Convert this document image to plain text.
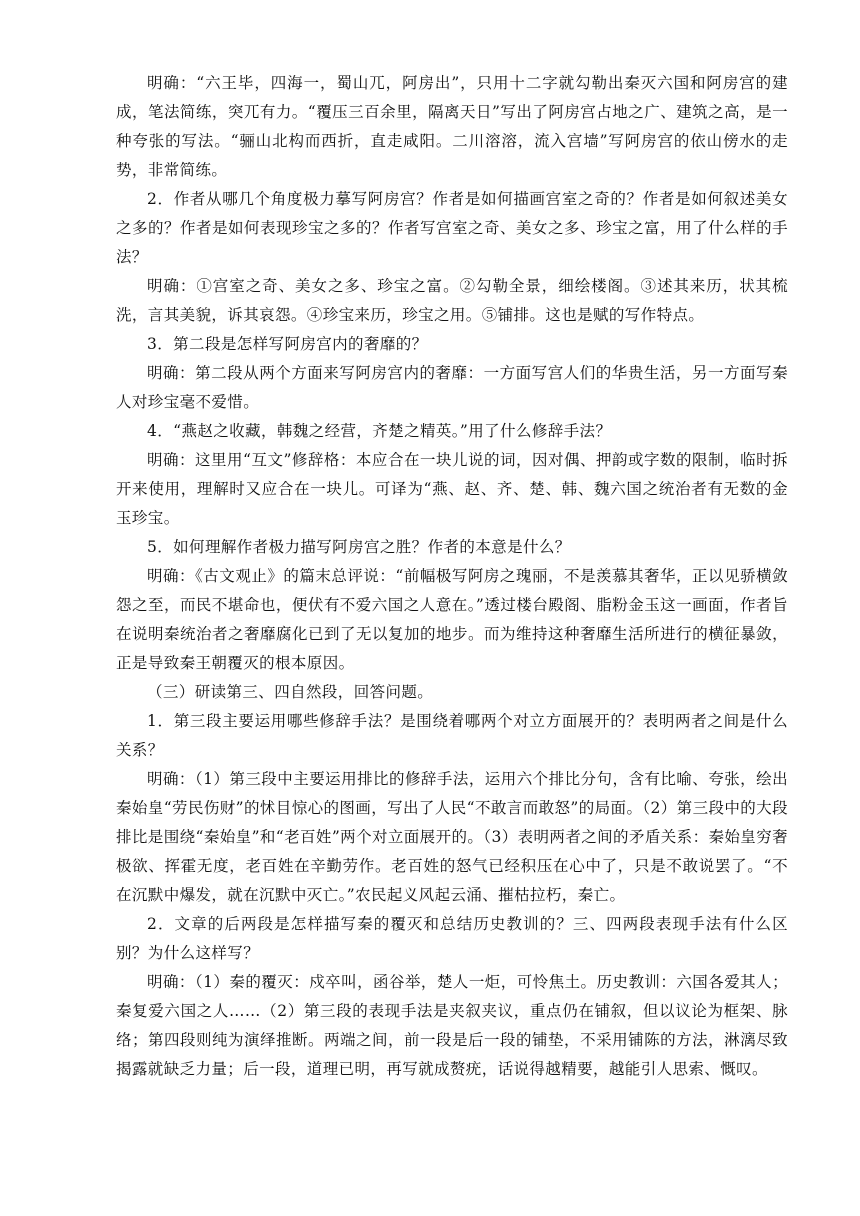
明确：“六王毕，四海一，蜀山兀，阿房出”，只用十二字就勾勒出秦灭六国和阿房宫的建成，笔法简练，突兀有力。“覆压三百余里，隔离天日”写出了阿房宫占地之广、建筑之高，是一种夸张的写法。“骊山北构而西折，直走咸阳。二川溶溶，流入宫墙”写阿房宫的依山傍水的走势，非常简练。

2．作者从哪几个角度极力摹写阿房宫？作者是如何描画宫室之奇的？作者是如何叙述美女之多的？作者是如何表现珍宝之多的？作者写宫室之奇、美女之多、珍宝之富，用了什么样的手法？

明确：①宫室之奇、美女之多、珍宝之富。②勾勒全景，细绘楼阁。③述其来历，状其梳洗，言其美貌，诉其哀怨。④珍宝来历，珍宝之用。⑤铺排。这也是赋的写作特点。

3．第二段是怎样写阿房宫内的奢靡的？

明确：第二段从两个方面来写阿房宫内的奢靡：一方面写宫人们的华贵生活，另一方面写秦人对珍宝毫不爱惜。

4．“燕赵之收藏，韩魏之经营，齐楚之精英。”用了什么修辞手法？

明确：这里用“互文”修辞格：本应合在一块儿说的词，因对偶、押韵或字数的限制，临时拆开来使用，理解时又应合在一块儿。可译为“燕、赵、齐、楚、韩、魏六国之统治者有无数的金玉珍宝。

5．如何理解作者极力描写阿房宫之胜？作者的本意是什么？

明确：《古文观止》的篇末总评说：“前幅极写阿房之瑰丽，不是羡慕其奢华，正以见骄横敛怨之至，而民不堪命也，便伏有不爱六国之人意在。”透过楼台殿阁、脂粉金玉这一画面，作者旨在说明秦统治者之奢靡腐化已到了无以复加的地步。而为维持这种奢靡生活所进行的横征暴敛，正是导致秦王朝覆灭的根本原因。

（三）研读第三、四自然段，回答问题。

1．第三段主要运用哪些修辞手法？是围绕着哪两个对立方面展开的？表明两者之间是什么关系？

明确：（1）第三段中主要运用排比的修辞手法，运用六个排比分句，含有比喻、夸张，绘出秦始皇“劳民伤财”的怵目惊心的图画，写出了人民“不敢言而敢怒”的局面。（2）第三段中的大段排比是围绕“秦始皇”和“老百姓”两个对立面展开的。（3）表明两者之间的矛盾关系：秦始皇穷奢极欲、挥霍无度，老百姓在辛勤劳作。老百姓的怒气已经积压在心中了，只是不敢说罢了。“不在沉默中爆发，就在沉默中灭亡。”农民起义风起云涌、摧枯拉朽，秦亡。

2．文章的后两段是怎样描写秦的覆灭和总结历史教训的？三、四两段表现手法有什么区别？为什么这样写？

明确：（1）秦的覆灭：戍卒叫，函谷举，楚人一炬，可怜焦土。历史教训：六国各爱其人；秦复爱六国之人……（2）第三段的表现手法是夹叙夹议，重点仍在铺叙，但以议论为框架、脉络；第四段则纯为演绎推断。两端之间，前一段是后一段的铺垫，不采用铺陈的方法，淋漓尽致揭露就缺乏力量；后一段，道理已明，再写就成赘疣，话说得越精要，越能引人思索、慨叹。
